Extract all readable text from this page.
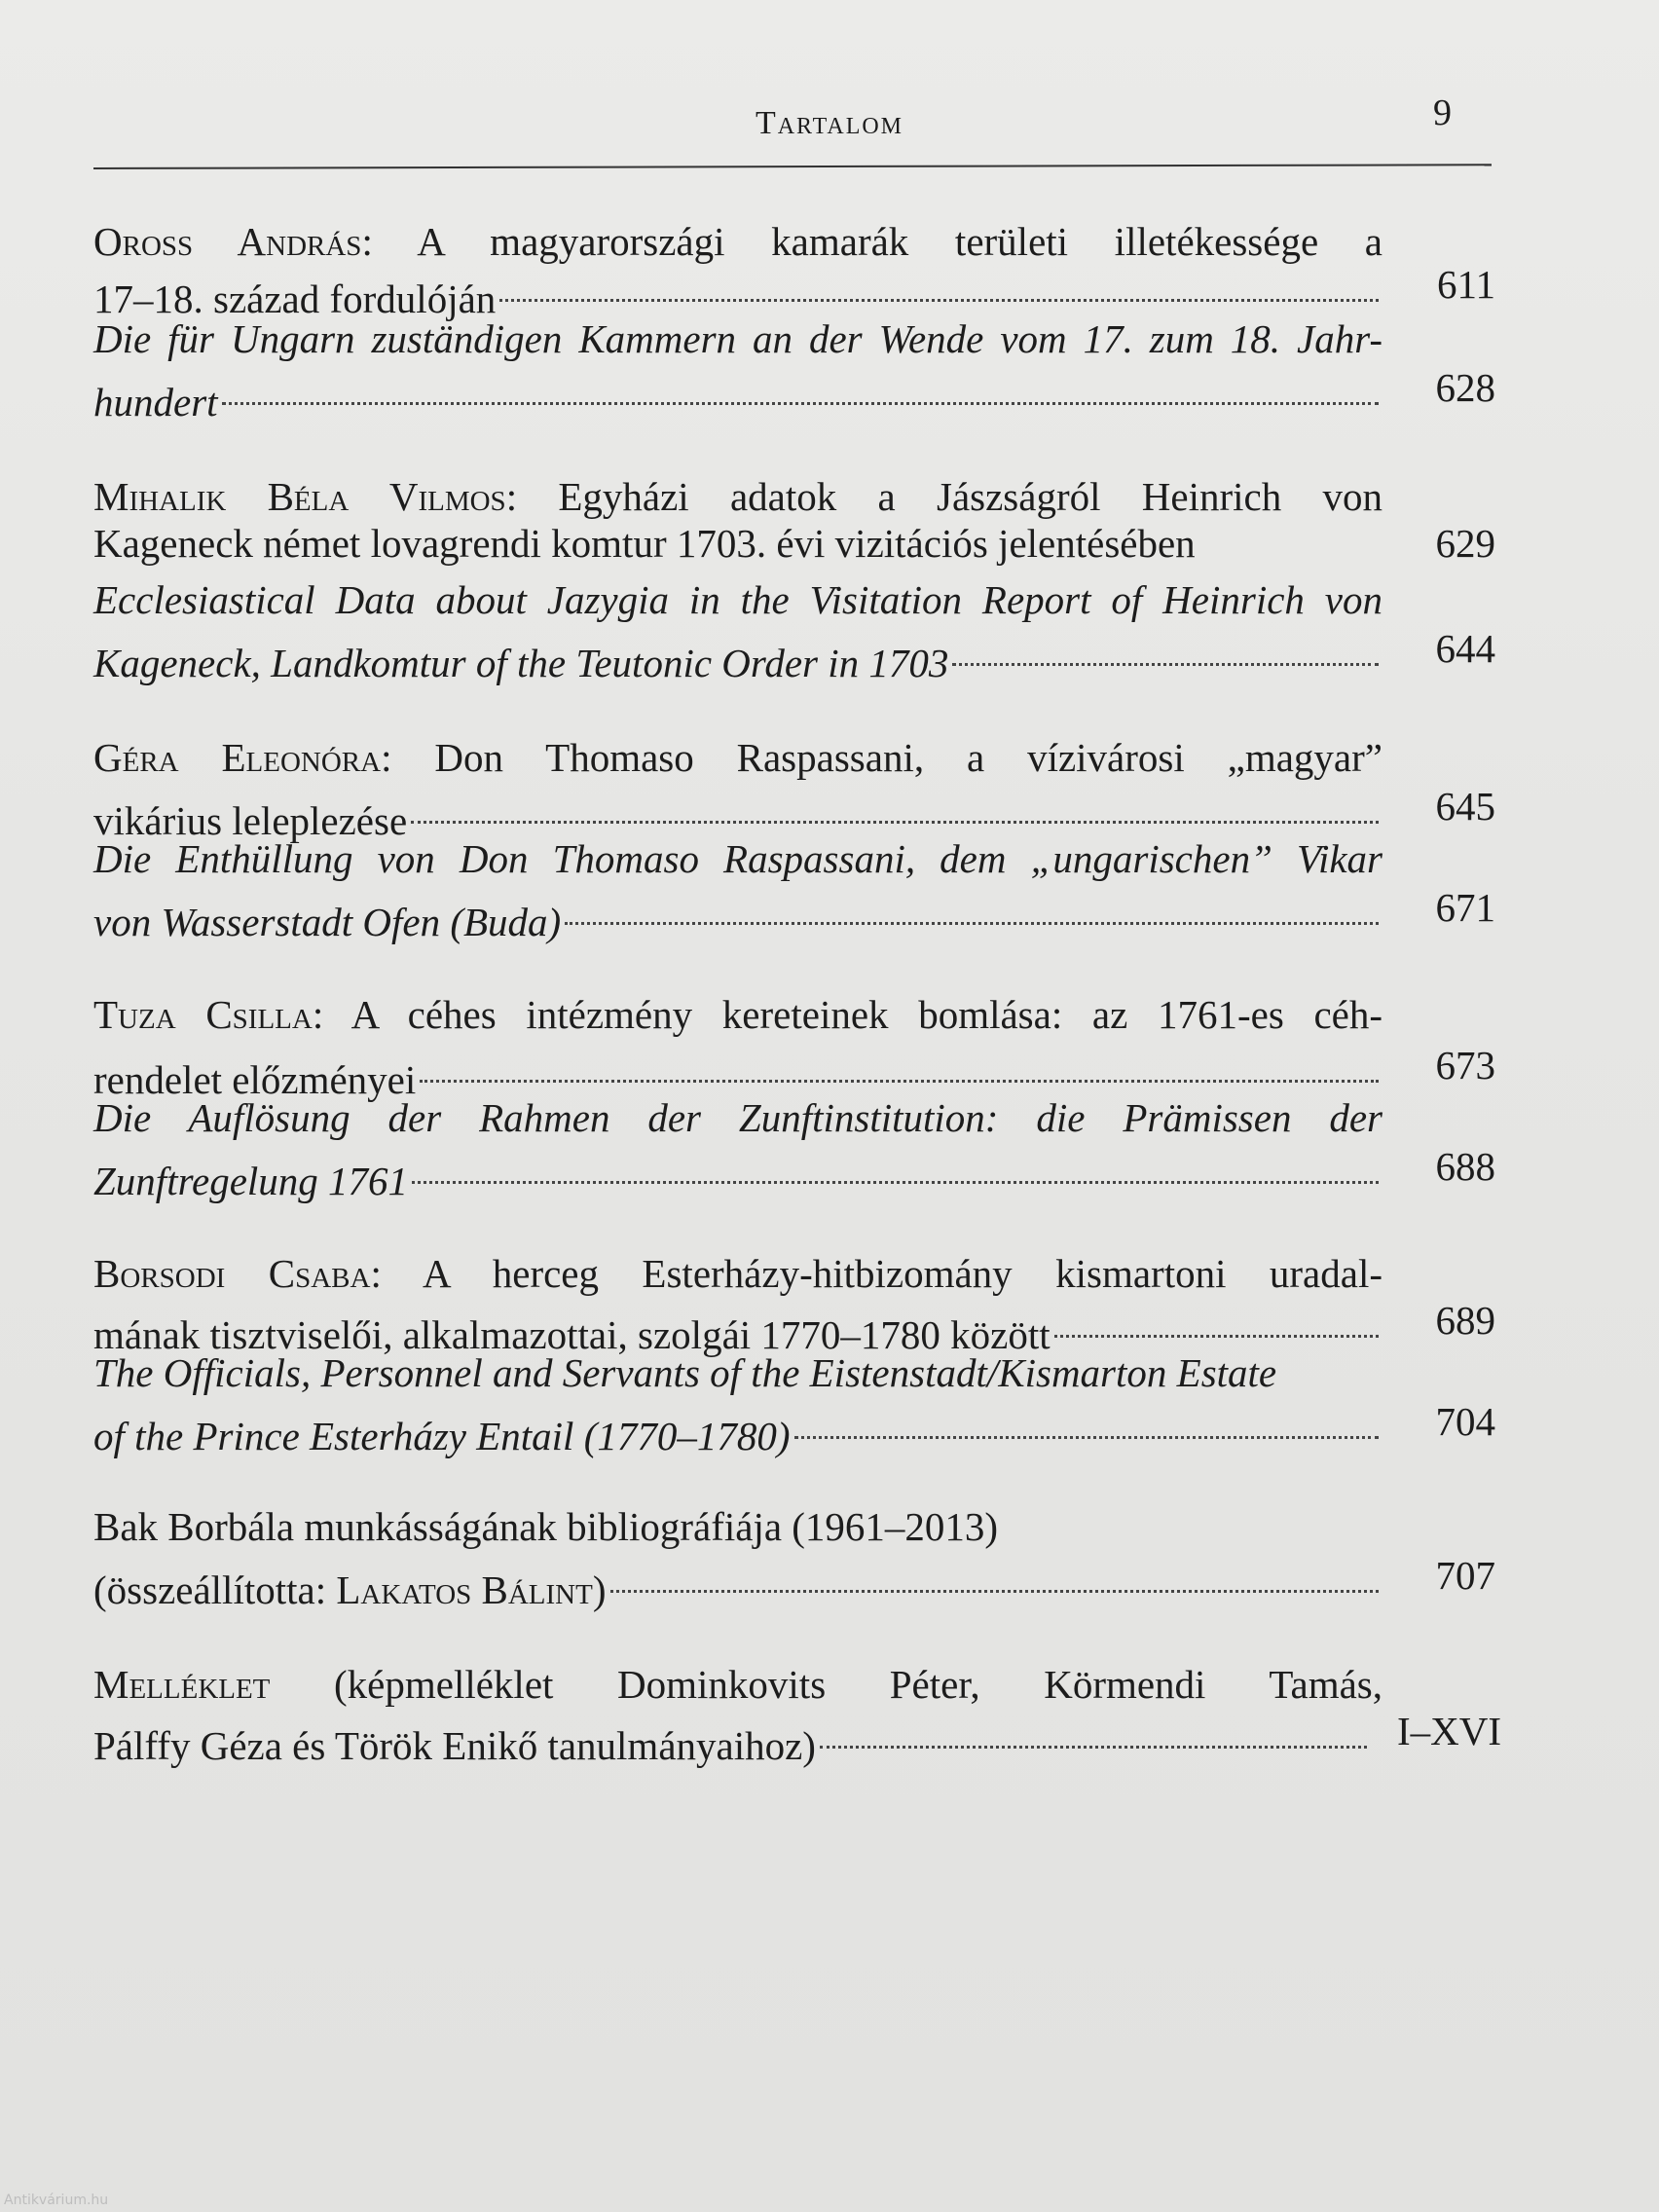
Tartalom	9
Oross András: A magyarországi kamarák területi illetékessége a
17–18. század fordulóján	611
Die für Ungarn zuständigen Kammern an der Wende vom 17. zum 18. Jahr-
hundert	628
Mihalik Béla Vilmos: Egyházi adatok a Jászságról Heinrich von
Kageneck német lovagrendi komtur 1703. évi vizitációs jelentésében	629
Ecclesiastical Data about Jazygia in the Visitation Report of Heinrich von
Kageneck, Landkomtur of the Teutonic Order in 1703	644
Géra Eleonóra: Don Thomaso Raspassani, a vízivárosi „magyar”
vikárius leleplezése	645
Die Enthüllung von Don Thomaso Raspassani, dem „ungarischen” Vikar
von Wasserstadt Ofen (Buda)	671
Tuza Csilla: A céhes intézmény kereteinek bomlása: az 1761-es céh-
rendelet előzményei	673
Die Auflösung der Rahmen der Zunftinstitution: die Prämissen der
Zunftregelung 1761	688
Borsodi Csaba: A herceg Esterházy-hitbizomány kismartoni uradal-
mának tisztviselői, alkalmazottai, szolgái 1770–1780 között	689
The Officials, Personnel and Servants of the Eistenstadt/Kismarton Estate
of the Prince Esterházy Entail (1770–1780)	704
Bak Borbála munkásságának bibliográfiája (1961–2013)
(összeállította: Lakatos Bálint)	707
Melléklet (képmelléklet Dominkovits Péter, Körmendi Tamás,
Pálffy Géza és Török Enikő tanulmányaihoz)	I–XVI
Antikvárium.hu
